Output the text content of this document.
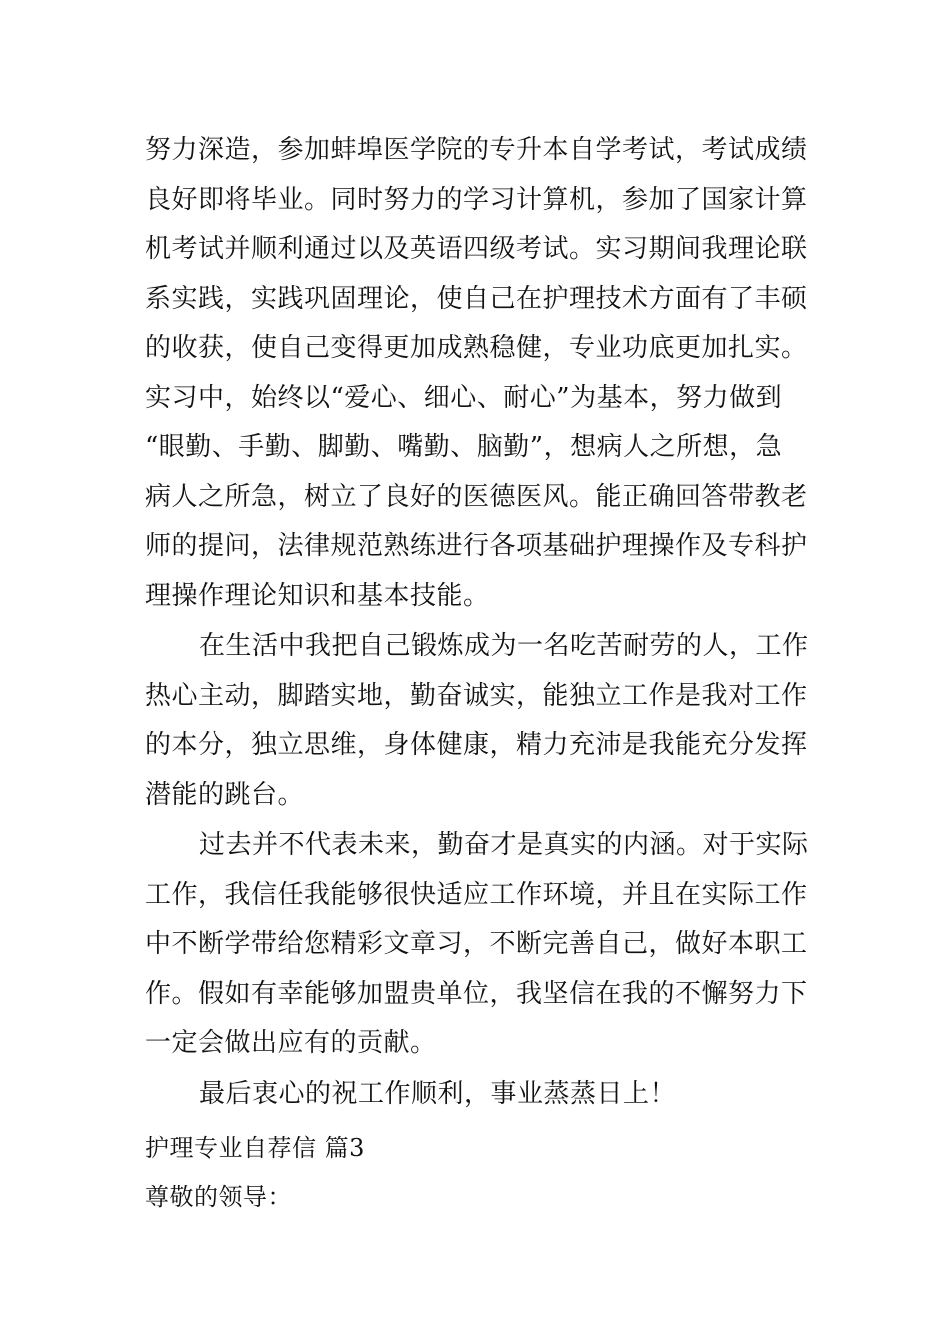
努力深造，参加蚌埠医学院的专升本自学考试，考试成绩
良好即将毕业。同时努力的学习计算机，参加了国家计算
机考试并顺利通过以及英语四级考试。实习期间我理论联
系实践，实践巩固理论，使自己在护理技术方面有了丰硕
的收获，使自己变得更加成熟稳健，专业功底更加扎实。
实习中，始终以“爱心、细心、耐心”为基本，努力做到
“眼勤、手勤、脚勤、嘴勤、脑勤”，想病人之所想，急
病人之所急，树立了良好的医德医风。能正确回答带教老
师的提问，法律规范熟练进行各项基础护理操作及专科护
理操作理论知识和基本技能。
在生活中我把自己锻炼成为一名吃苦耐劳的人，工作
热心主动，脚踏实地，勤奋诚实，能独立工作是我对工作
的本分，独立思维，身体健康，精力充沛是我能充分发挥
潜能的跳台。
过去并不代表未来，勤奋才是真实的内涵。对于实际
工作，我信任我能够很快适应工作环境，并且在实际工作
中不断学带给您精彩文章习，不断完善自己，做好本职工
作。假如有幸能够加盟贵单位，我坚信在我的不懈努力下
一定会做出应有的贡献。
最后衷心的祝工作顺利，事业蒸蒸日上！
护理专业自荐信 篇3
尊敬的领导：
